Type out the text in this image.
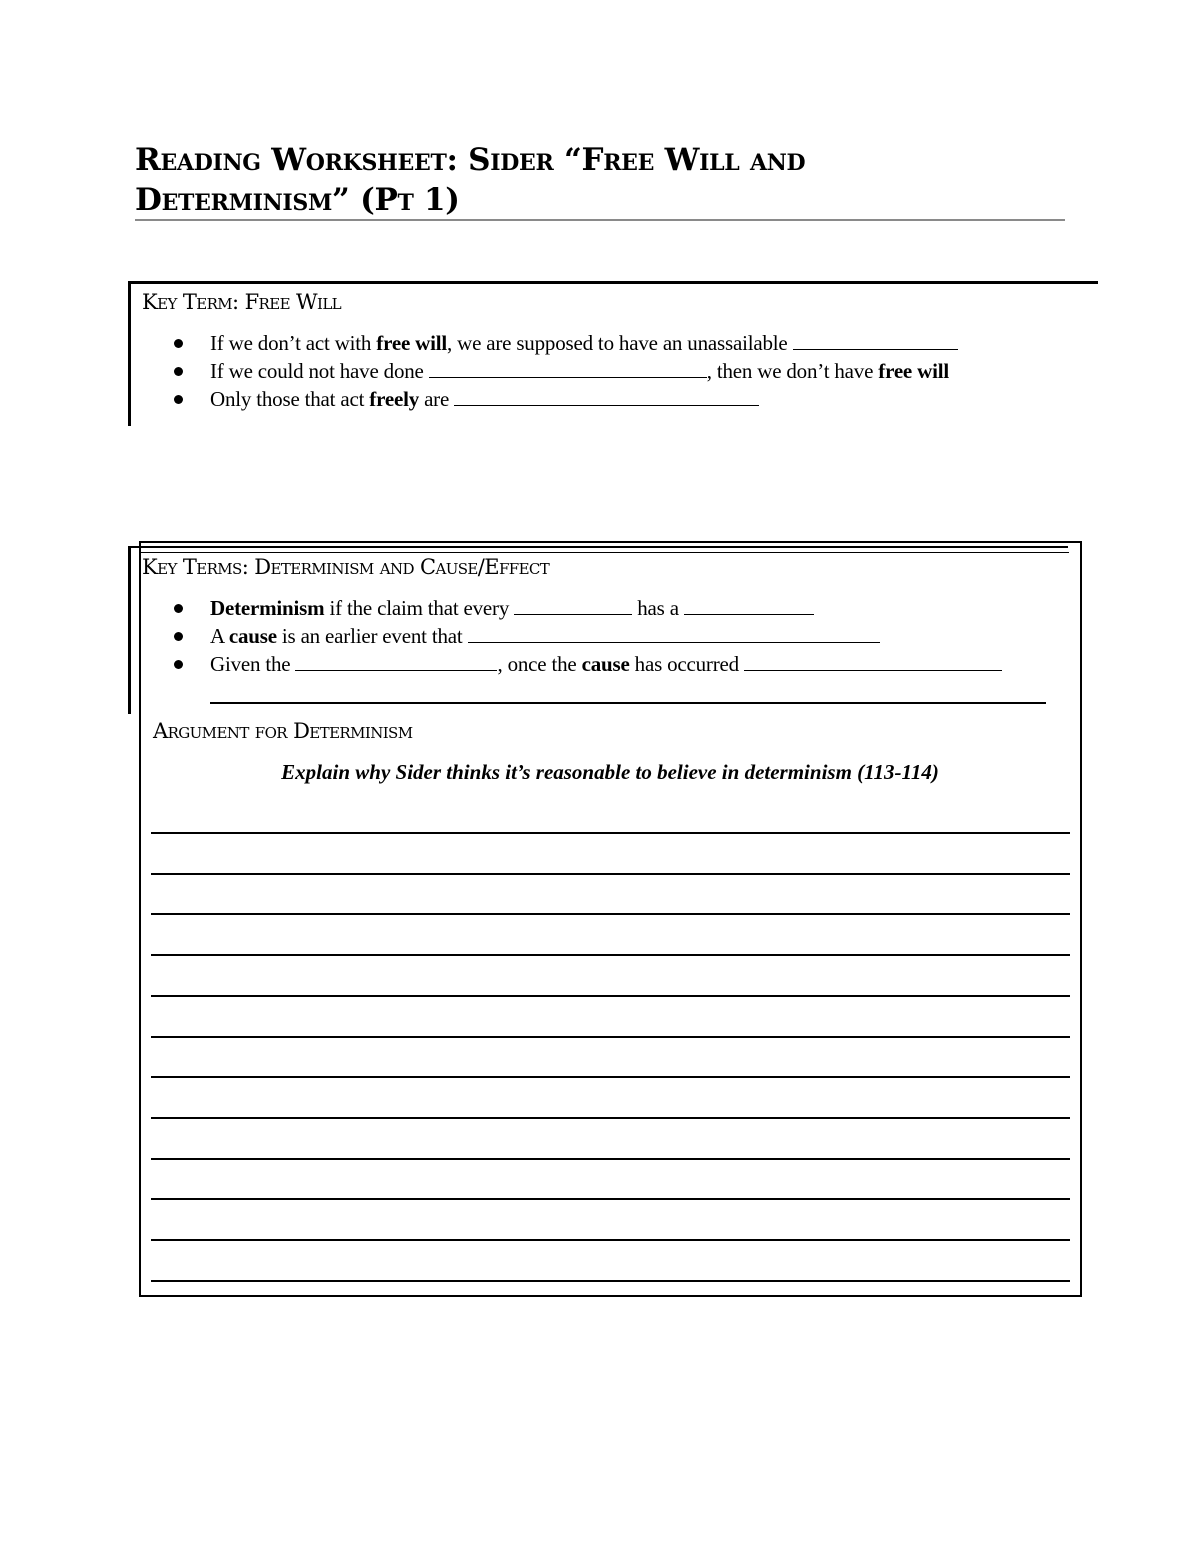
Reading Worksheet: Sider “Free Will and
Determinism” (Pt 1)
Key Term: Free Will
If we don’t act with free will, we are supposed to have an unassailable
If we could not have done	, then we don’t have free will
Only those that act freely are
Key Terms: Determinism and Cause/Effect
Determinism if the claim that every	has a
A cause is an earlier event that
Given the	, once the cause has occurred
Argument for Determinism
Explain why Sider thinks it’s reasonable to believe in determinism (113-114)
